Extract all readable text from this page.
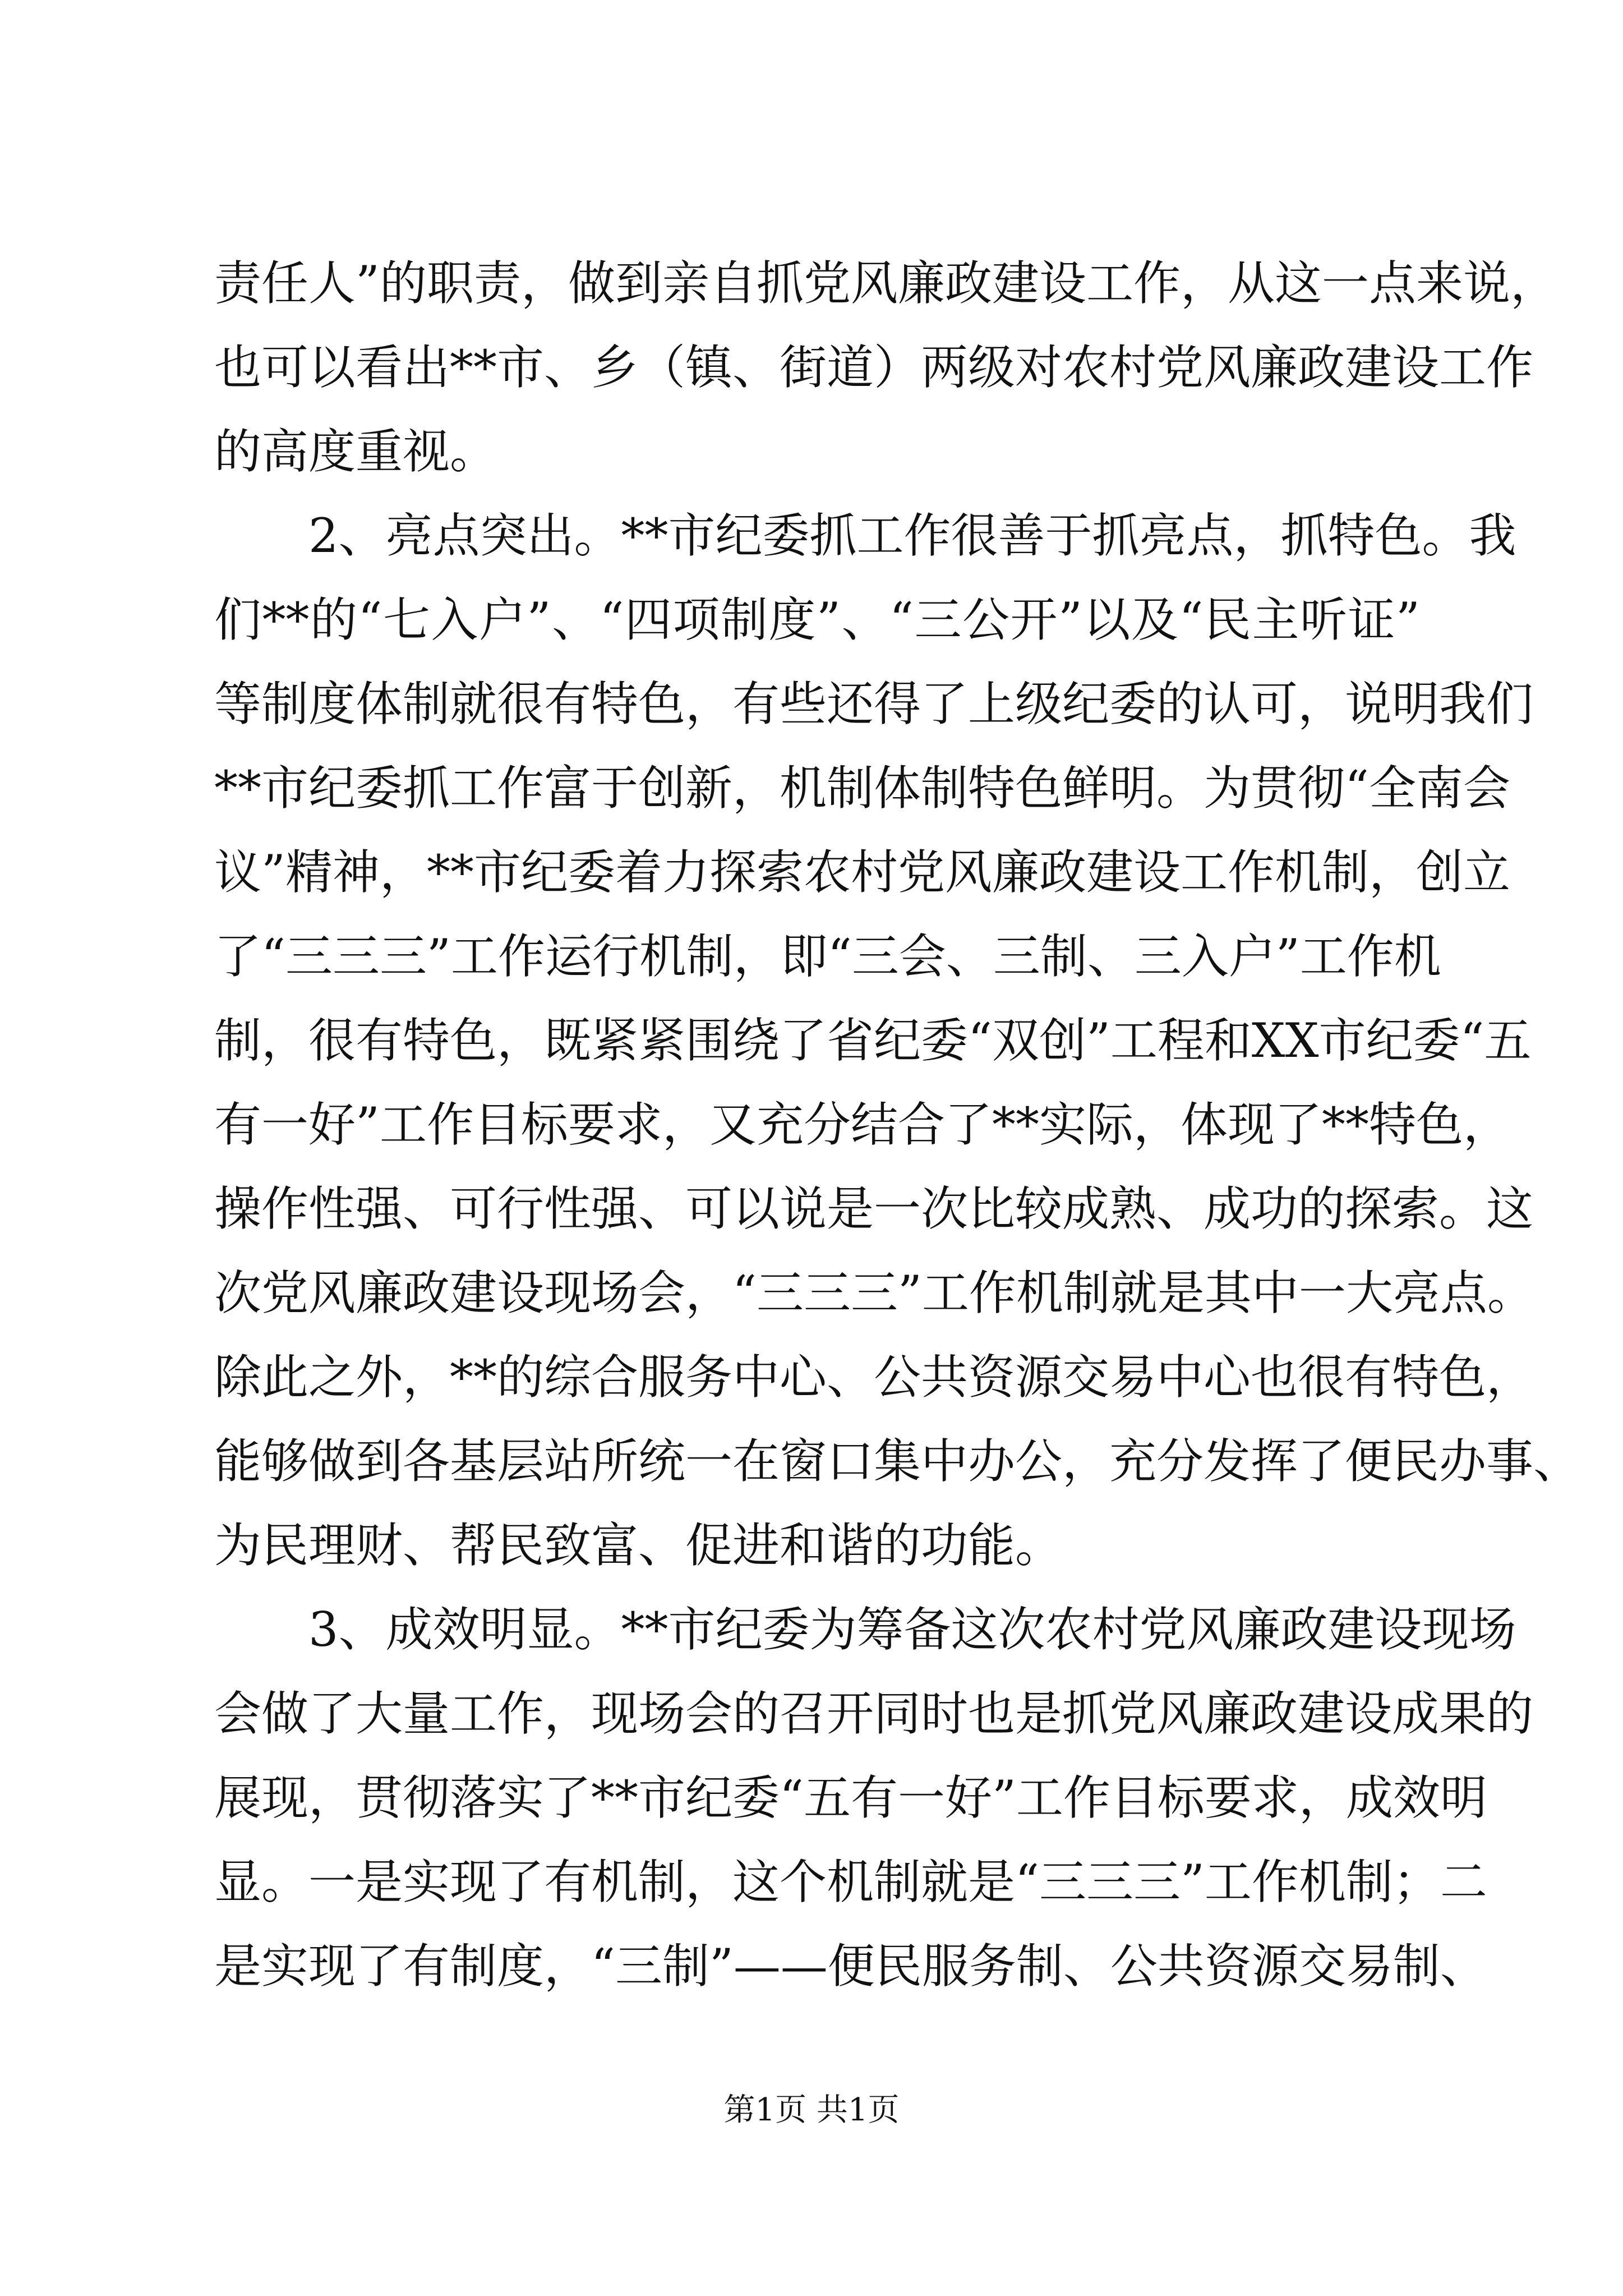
责任人”的职责，做到亲自抓党风廉政建设工作，从这一点来说，
也可以看出**市、乡（镇、街道）两级对农村党风廉政建设工作
的高度重视。
2、亮点突出。**市纪委抓工作很善于抓亮点，抓特色。我
们**的“七入户”、“四项制度”、“三公开”以及“民主听证”
等制度体制就很有特色，有些还得了上级纪委的认可，说明我们
**市纪委抓工作富于创新，机制体制特色鲜明。为贯彻“全南会
议”精神，**市纪委着力探索农村党风廉政建设工作机制，创立
了“三三三”工作运行机制，即“三会、三制、三入户”工作机
制，很有特色，既紧紧围绕了省纪委“双创”工程和XX市纪委“五
有一好”工作目标要求，又充分结合了**实际，体现了**特色，
操作性强、可行性强、可以说是一次比较成熟、成功的探索。这
次党风廉政建设现场会，“三三三”工作机制就是其中一大亮点。
除此之外，**的综合服务中心、公共资源交易中心也很有特色，
能够做到各基层站所统一在窗口集中办公，充分发挥了便民办事、
为民理财、帮民致富、促进和谐的功能。
3、成效明显。**市纪委为筹备这次农村党风廉政建设现场
会做了大量工作，现场会的召开同时也是抓党风廉政建设成果的
展现，贯彻落实了**市纪委“五有一好”工作目标要求，成效明
显。一是实现了有机制，这个机制就是“三三三”工作机制；二
是实现了有制度，“三制”——便民服务制、公共资源交易制、
第1页 共1页
